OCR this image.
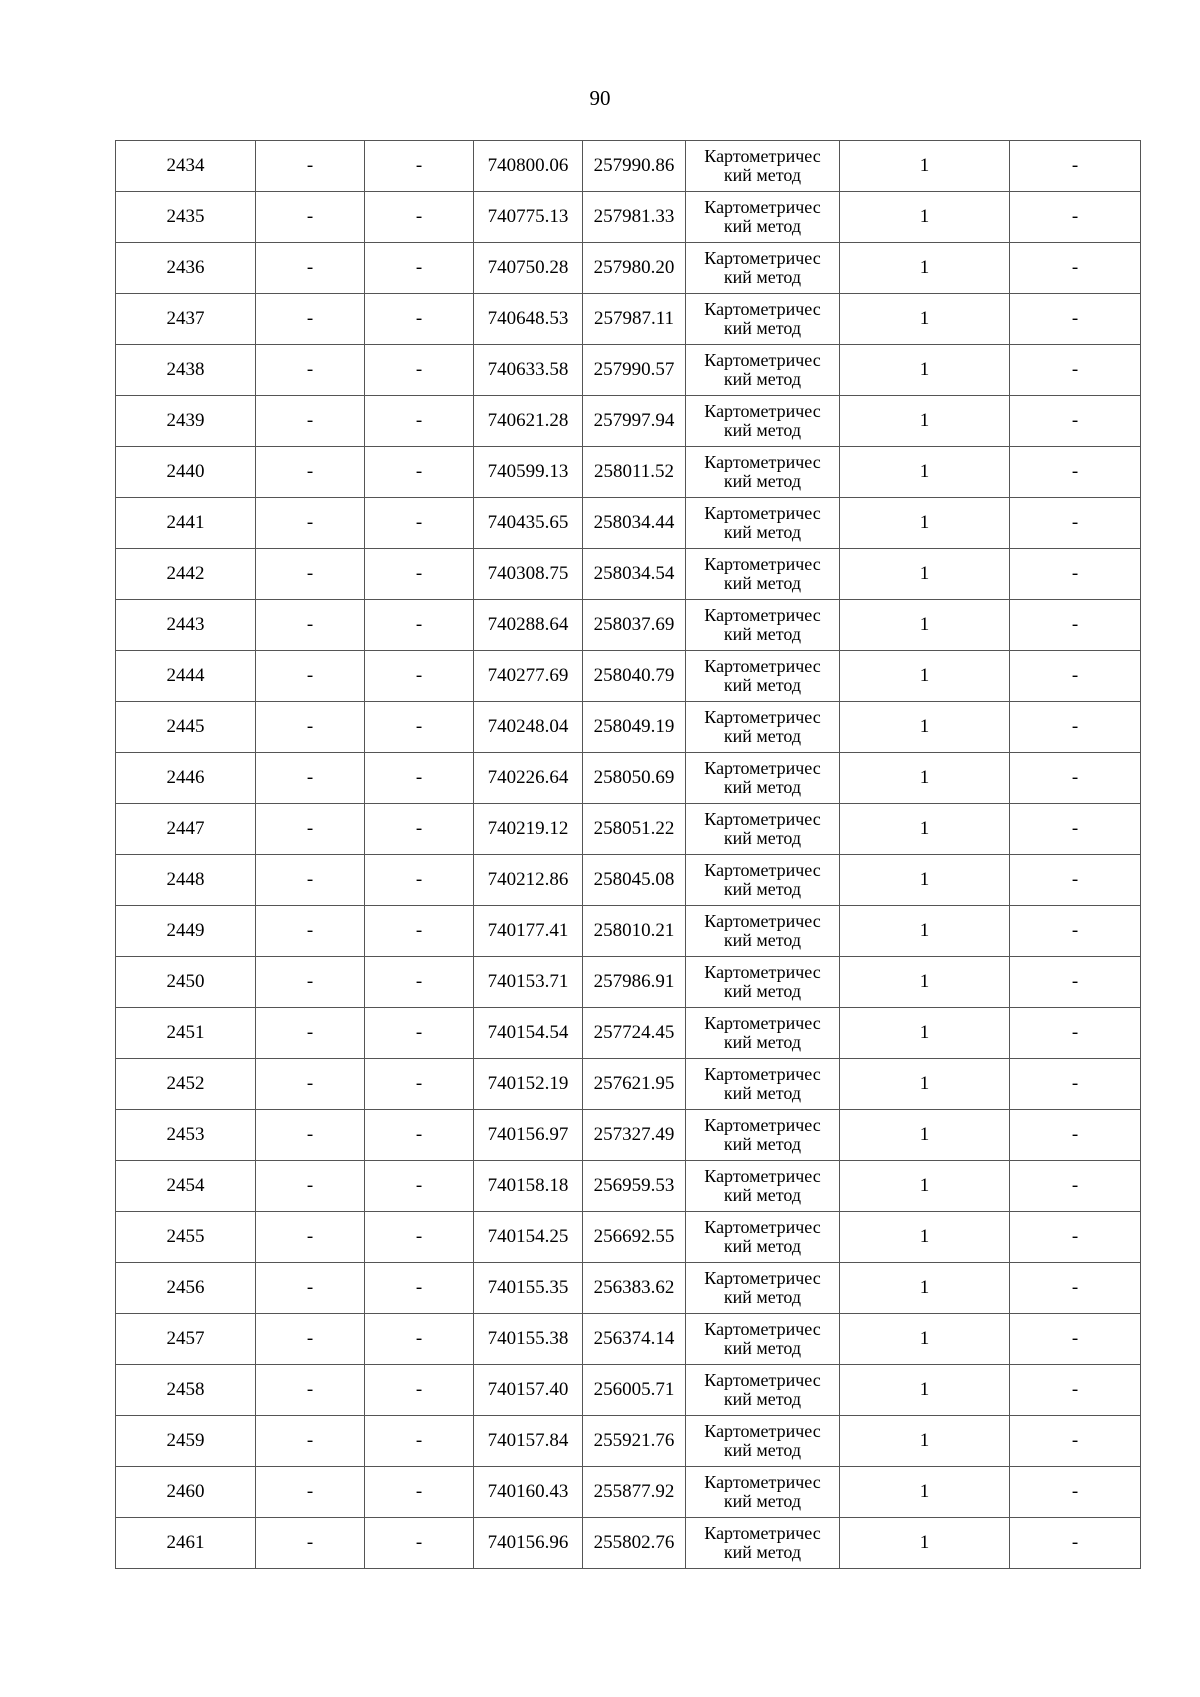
90
2434	-	-	740800.06	257990.86	Картометричес
кий метод	1	-
2435	-	-	740775.13	257981.33	Картометричес
кий метод	1	-
2436	-	-	740750.28	257980.20	Картометричес
кий метод	1	-
2437	-	-	740648.53	257987.11	Картометричес
кий метод	1	-
2438	-	-	740633.58	257990.57	Картометричес
кий метод	1	-
2439	-	-	740621.28	257997.94	Картометричес
кий метод	1	-
2440	-	-	740599.13	258011.52	Картометричес
кий метод	1	-
2441	-	-	740435.65	258034.44	Картометричес
кий метод	1	-
2442	-	-	740308.75	258034.54	Картометричес
кий метод	1	-
2443	-	-	740288.64	258037.69	Картометричес
кий метод	1	-
2444	-	-	740277.69	258040.79	Картометричес
кий метод	1	-
2445	-	-	740248.04	258049.19	Картометричес
кий метод	1	-
2446	-	-	740226.64	258050.69	Картометричес
кий метод	1	-
2447	-	-	740219.12	258051.22	Картометричес
кий метод	1	-
2448	-	-	740212.86	258045.08	Картометричес
кий метод	1	-
2449	-	-	740177.41	258010.21	Картометричес
кий метод	1	-
2450	-	-	740153.71	257986.91	Картометричес
кий метод	1	-
2451	-	-	740154.54	257724.45	Картометричес
кий метод	1	-
2452	-	-	740152.19	257621.95	Картометричес
кий метод	1	-
2453	-	-	740156.97	257327.49	Картометричес
кий метод	1	-
2454	-	-	740158.18	256959.53	Картометричес
кий метод	1	-
2455	-	-	740154.25	256692.55	Картометричес
кий метод	1	-
2456	-	-	740155.35	256383.62	Картометричес
кий метод	1	-
2457	-	-	740155.38	256374.14	Картометричес
кий метод	1	-
2458	-	-	740157.40	256005.71	Картометричес
кий метод	1	-
2459	-	-	740157.84	255921.76	Картометричес
кий метод	1	-
2460	-	-	740160.43	255877.92	Картометричес
кий метод	1	-
2461	-	-	740156.96	255802.76	Картометричес
кий метод	1	-
